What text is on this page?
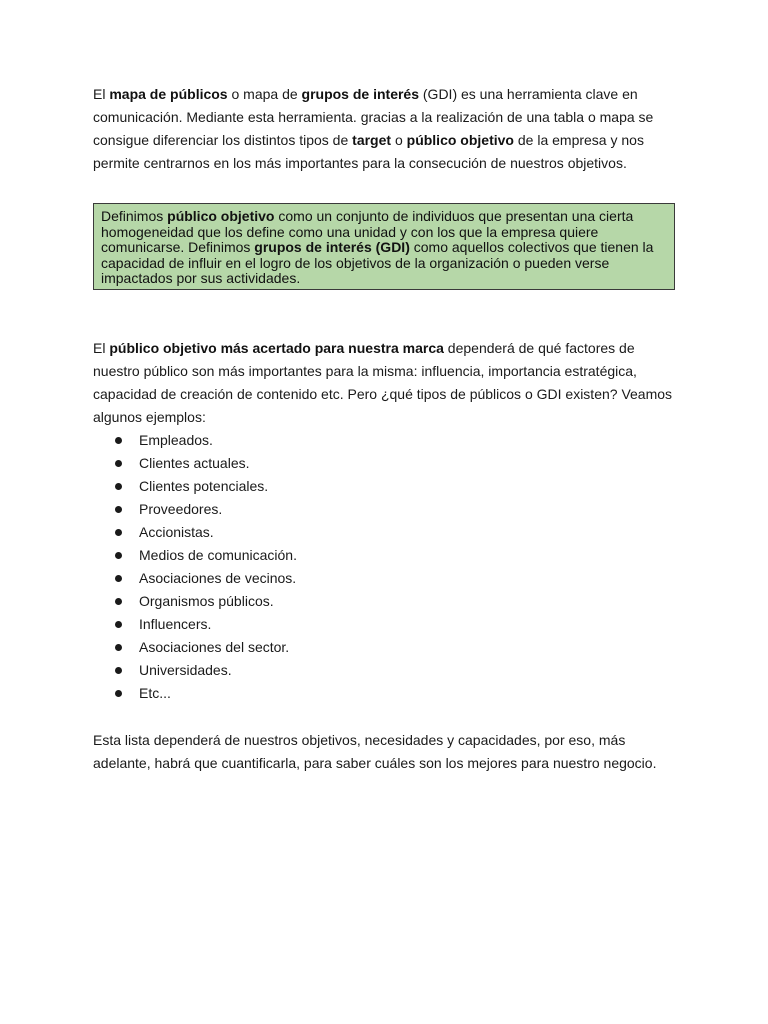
El mapa de públicos o mapa de grupos de interés (GDI) es una herramienta clave en comunicación. Mediante esta herramienta. gracias a la realización de una tabla o mapa se consigue diferenciar los distintos tipos de target o público objetivo de la empresa y nos permite centrarnos en los más importantes para la consecución de nuestros objetivos.

Definimos público objetivo como un conjunto de individuos que presentan una cierta homogeneidad que los define como una unidad y con los que la empresa quiere comunicarse. Definimos grupos de interés (GDI) como aquellos colectivos que tienen la capacidad de influir en el logro de los objetivos de la organización o pueden verse impactados por sus actividades.

El público objetivo más acertado para nuestra marca dependerá de qué factores de nuestro público son más importantes para la misma: influencia, importancia estratégica, capacidad de creación de contenido etc. Pero ¿qué tipos de públicos o GDI existen? Veamos algunos ejemplos:

Empleados.
Clientes actuales.
Clientes potenciales.
Proveedores.
Accionistas.
Medios de comunicación.
Asociaciones de vecinos.
Organismos públicos.
Influencers.
Asociaciones del sector.
Universidades.
Etc...

Esta lista dependerá de nuestros objetivos, necesidades y capacidades, por eso, más adelante, habrá que cuantificarla, para saber cuáles son los mejores para nuestro negocio.
